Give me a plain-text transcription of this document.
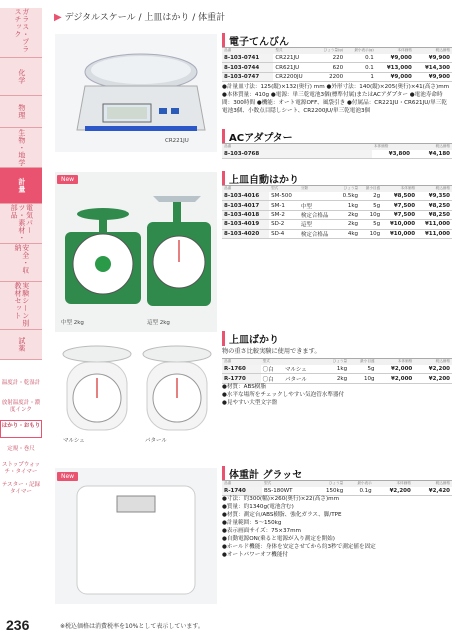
ガラス・プラスチック
化学
物理
生物・地学
計量
電気パーツ・素材・部品
安全・収納
実験シーン別教材セット
試薬
温度計・乾湿計
放射温度計・濃度インク
はかり・おもり
定規・巻尺
ストップウォッチ・タイマー
テスター・記録タイマー
▶ デジタルスケール / 上皿はかり / 体重計
CR221JU
電子てんびん
品番	型式	ひょう量(g)	最小表示(g)	本体価格	税込価格
8-103-0741	CR221JU	220	0.1	¥9,000	¥9,900
8-103-0744	CR621JU	620	0.1	¥13,000	¥14,300
8-103-0747	CR2200JU	2200	1	¥9,000	¥9,900
●計量皿寸法：125(縦)×132(奥行) mm ●外形寸法：140(縦)×205(奥行)×41(高さ)mm ●本体質量：410g ●電源：単三乾電池3個(標準付属)またはACアダプター ●電池寿命時間：300時間 ●機能：オート電源OFF、風袋引き ●付属品：CR221JU・CR621JU/単三乾電池3個、小数点目隠しシート、CR2200JU/単三乾電池3個
ACアダプター
品番	本体価格	税込価格
8-103-0768	¥3,800	¥4,180
中型 2kg	這型 2kg
New	上皿自動はかり
品番	型式	分類	ひょう量	最小目盛	本体価格	税込価格
8-103-4016	SM-500		0.5kg	2g	¥8,500	¥9,350
8-103-4017	SM-1	中型	1kg	5g	¥7,500	¥8,250
8-103-4018	SM-2	検定合格品	2kg	10g	¥7,500	¥8,250
8-103-4019	SD-2	這型	2kg	5g	¥10,000	¥11,000
8-103-4020	SD-4	検定合格品	4kg	10g	¥10,000	¥11,000
マルシェ	パタール
上皿ばかり
物の重さ比較実験に使用できます。
品番	型式		ひょう量	最小目盛	本体価格	税込価格
R-1760	〇白	マルシェ	1kg	5g	¥2,000	¥2,200
R-1770	〇白	パタール	2kg	10g	¥2,000	¥2,200
●材質：ABS樹脂
●水平な場所をチェックしやすい気泡管水準器付
●見やすい大型文字盤
New	体重計 グラッセ
品番	型式	ひょう量	最小表示	本体価格	税込価格
R-1740	BS-180WT	150kg	0.1g	¥2,200	¥2,420
●寸法：約300(幅)×260(奥行)×22(高さ)mm
●質量：約1340g(電池含む)
●材質：測定台/ABS樹脂、強化ガラス、脚/TPE
●計量範囲：5～150kg
●表示画面サイズ：75×37mm
●自動電源ON(乗ると電源が入り測定を開始)
●ホールド機能：身体を安定させてから約3秒で測定値を固定
●オートパワーオフ機能付
236	※税込価格は消費税率を10%として表示しています。
